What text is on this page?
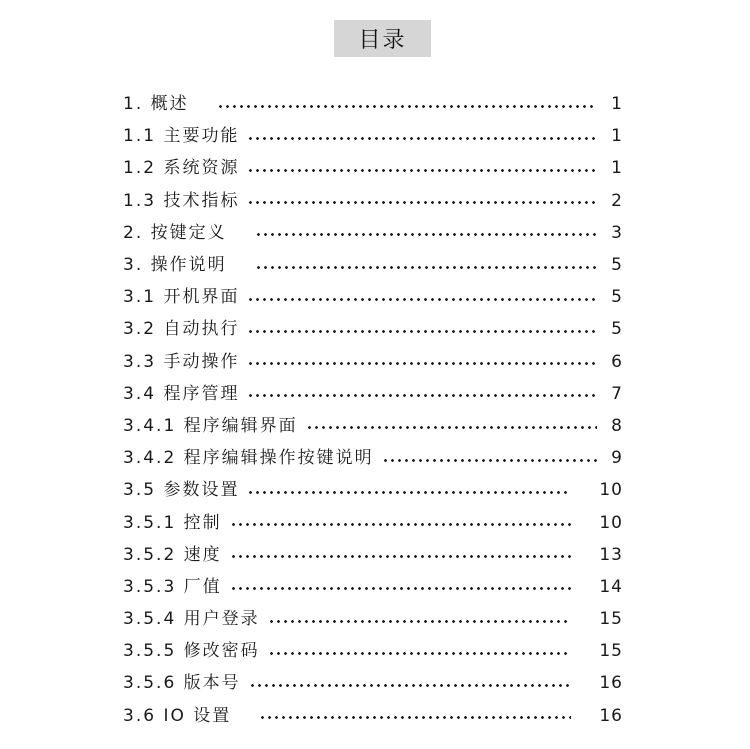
目录
1. 概述	1
1.1 主要功能	1
1.2 系统资源	1
1.3 技术指标	2
2. 按键定义	3
3. 操作说明	5
3.1 开机界面	5
3.2 自动执行	5
3.3 手动操作	6
3.4 程序管理	7
3.4.1 程序编辑界面	8
3.4.2 程序编辑操作按键说明	9
3.5 参数设置	10
3.5.1 控制	10
3.5.2 速度	13
3.5.3 厂值	14
3.5.4 用户登录	15
3.5.5 修改密码	15
3.5.6 版本号	16
3.6 IO 设置	16
